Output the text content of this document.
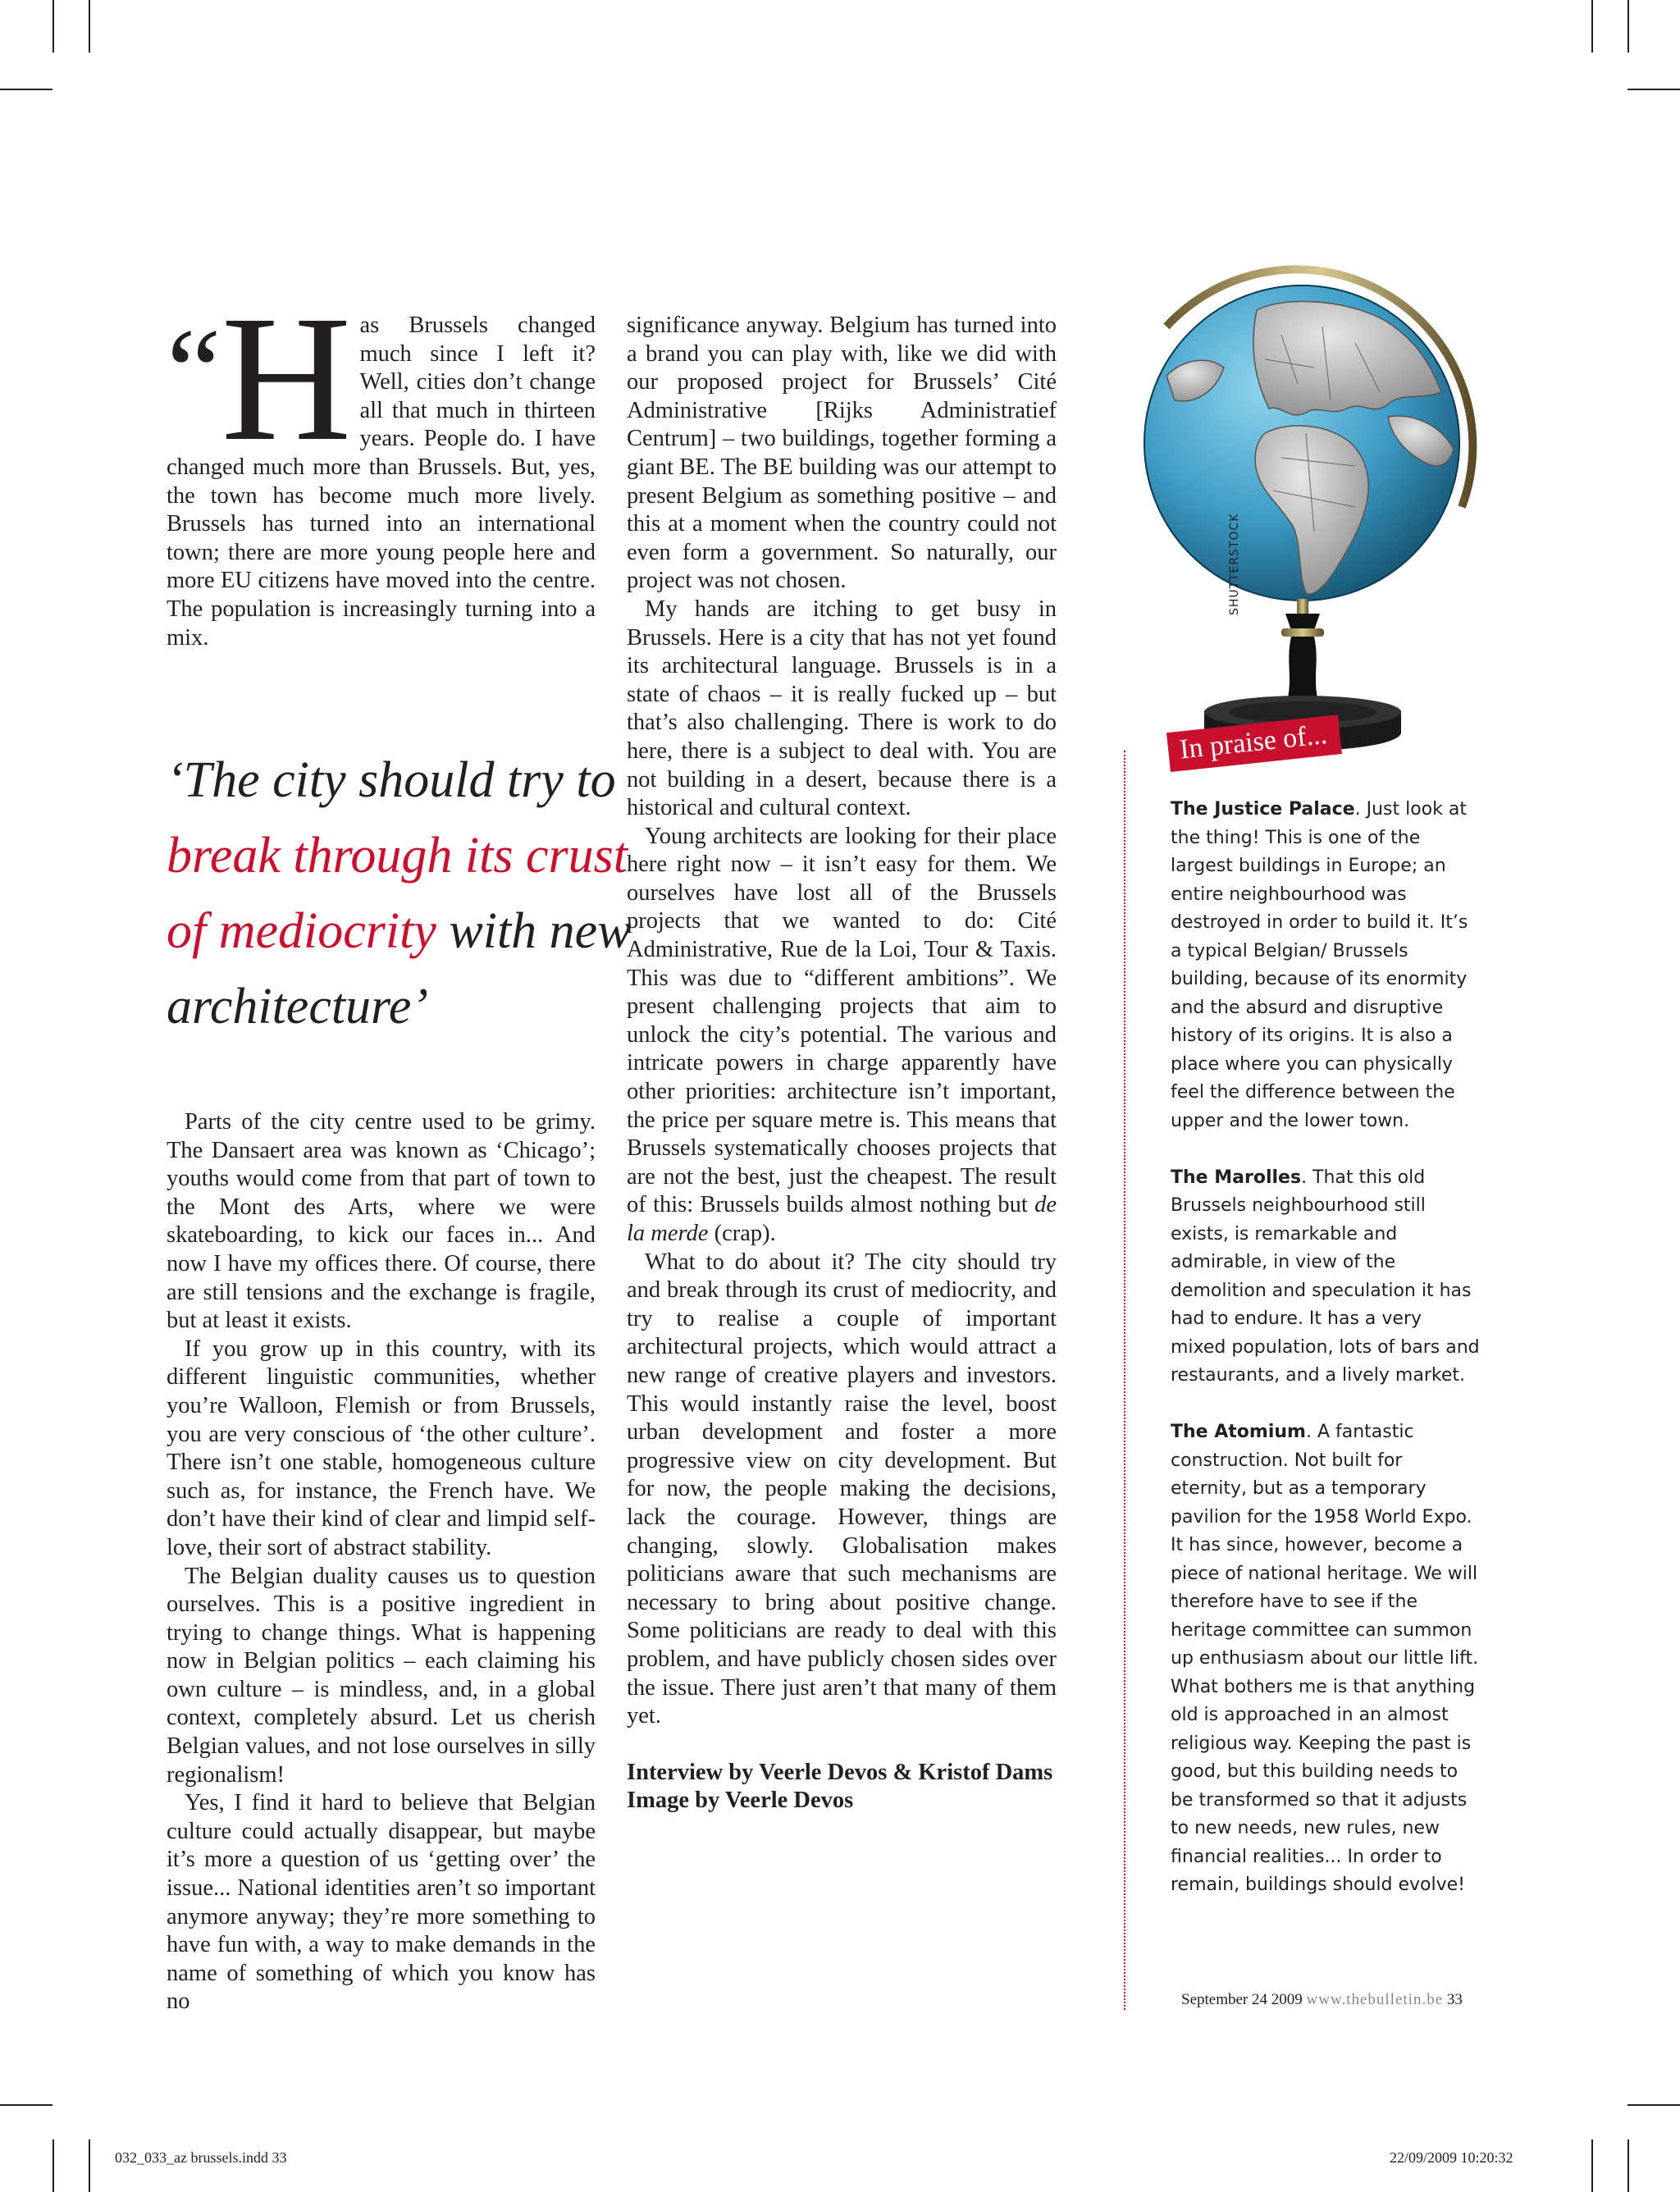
“H as Brussels changed much since I left it? Well, cities don’t change all that much in thirteen years. People do. I have changed much more than Brussels. But, yes, the town has become much more lively. Brussels has turned into an international town; there are more young people here and more EU citizens have moved into the centre. The population is increasingly turning into a mix.

‘The city should try to break through its crust of mediocrity with new architecture’

Parts of the city centre used to be grimy. The Dansaert area was known as ‘Chicago’; youths would come from that part of town to the Mont des Arts, where we were skateboarding, to kick our faces in... And now I have my offices there. Of course, there are still tensions and the exchange is fragile, but at least it exists.

If you grow up in this country, with its different linguistic communities, whether you’re Walloon, Flemish or from Brussels, you are very conscious of ‘the other culture’. There isn’t one stable, homogeneous culture such as, for instance, the French have. We don’t have their kind of clear and limpid self-love, their sort of abstract stability.

The Belgian duality causes us to question ourselves. This is a positive ingredient in trying to change things. What is happening now in Belgian politics – each claiming his own culture – is mindless, and, in a global context, completely absurd. Let us cherish Belgian values, and not lose ourselves in silly regionalism!

Yes, I find it hard to believe that Belgian culture could actually disappear, but maybe it’s more a question of us ‘getting over’ the issue... National identities aren’t so important anymore anyway; they’re more something to have fun with, a way to make demands in the name of something of which you know has no

significance anyway. Belgium has turned into a brand you can play with, like we did with our proposed project for Brussels’ Cité Administrative [Rijks Administratief Centrum] – two buildings, together forming a giant BE. The BE building was our attempt to present Belgium as something positive – and this at a moment when the country could not even form a government. So naturally, our project was not chosen.

My hands are itching to get busy in Brussels. Here is a city that has not yet found its architectural language. Brussels is in a state of chaos – it is really fucked up – but that’s also challenging. There is work to do here, there is a subject to deal with. You are not building in a desert, because there is a historical and cultural context.

Young architects are looking for their place here right now – it isn’t easy for them. We ourselves have lost all of the Brussels projects that we wanted to do: Cité Administrative, Rue de la Loi, Tour & Taxis. This was due to “different ambitions”. We present challenging projects that aim to unlock the city’s potential. The various and intricate powers in charge apparently have other priorities: architecture isn’t important, the price per square metre is. This means that Brussels systematically chooses projects that are not the best, just the cheapest. The result of this: Brussels builds almost nothing but de la merde (crap).

What to do about it? The city should try and break through its crust of mediocrity, and try to realise a couple of important architectural projects, which would attract a new range of creative players and investors. This would instantly raise the level, boost urban development and foster a more progressive view on city development. But for now, the people making the decisions, lack the courage. However, things are changing, slowly. Globalisation makes politicians aware that such mechanisms are necessary to bring about positive change. Some politicians are ready to deal with this problem, and have publicly chosen sides over the issue. There just aren’t that many of them yet.

Interview by Veerle Devos & Kristof Dams
Image by Veerle Devos

SHUTTERSTOCK
In praise of...

The Justice Palace. Just look at the thing! This is one of the largest buildings in Europe; an entire neighbourhood was destroyed in order to build it. It’s a typical Belgian/ Brussels building, because of its enormity and the absurd and disruptive history of its origins. It is also a place where you can physically feel the difference between the upper and the lower town.

The Marolles. That this old Brussels neighbourhood still exists, is remarkable and admirable, in view of the demolition and speculation it has had to endure. It has a very mixed population, lots of bars and restaurants, and a lively market.

The Atomium. A fantastic construction. Not built for eternity, but as a temporary pavilion for the 1958 World Expo. It has since, however, become a piece of national heritage. We will therefore have to see if the heritage committee can summon up enthusiasm about our little lift. What bothers me is that anything old is approached in an almost religious way. Keeping the past is good, but this building needs to be transformed so that it adjusts to new needs, new rules, new financial realities... In order to remain, buildings should evolve!

September 24 2009 www.thebulletin.be 33
032_033_az brussels.indd 33	22/09/2009 10:20:32
